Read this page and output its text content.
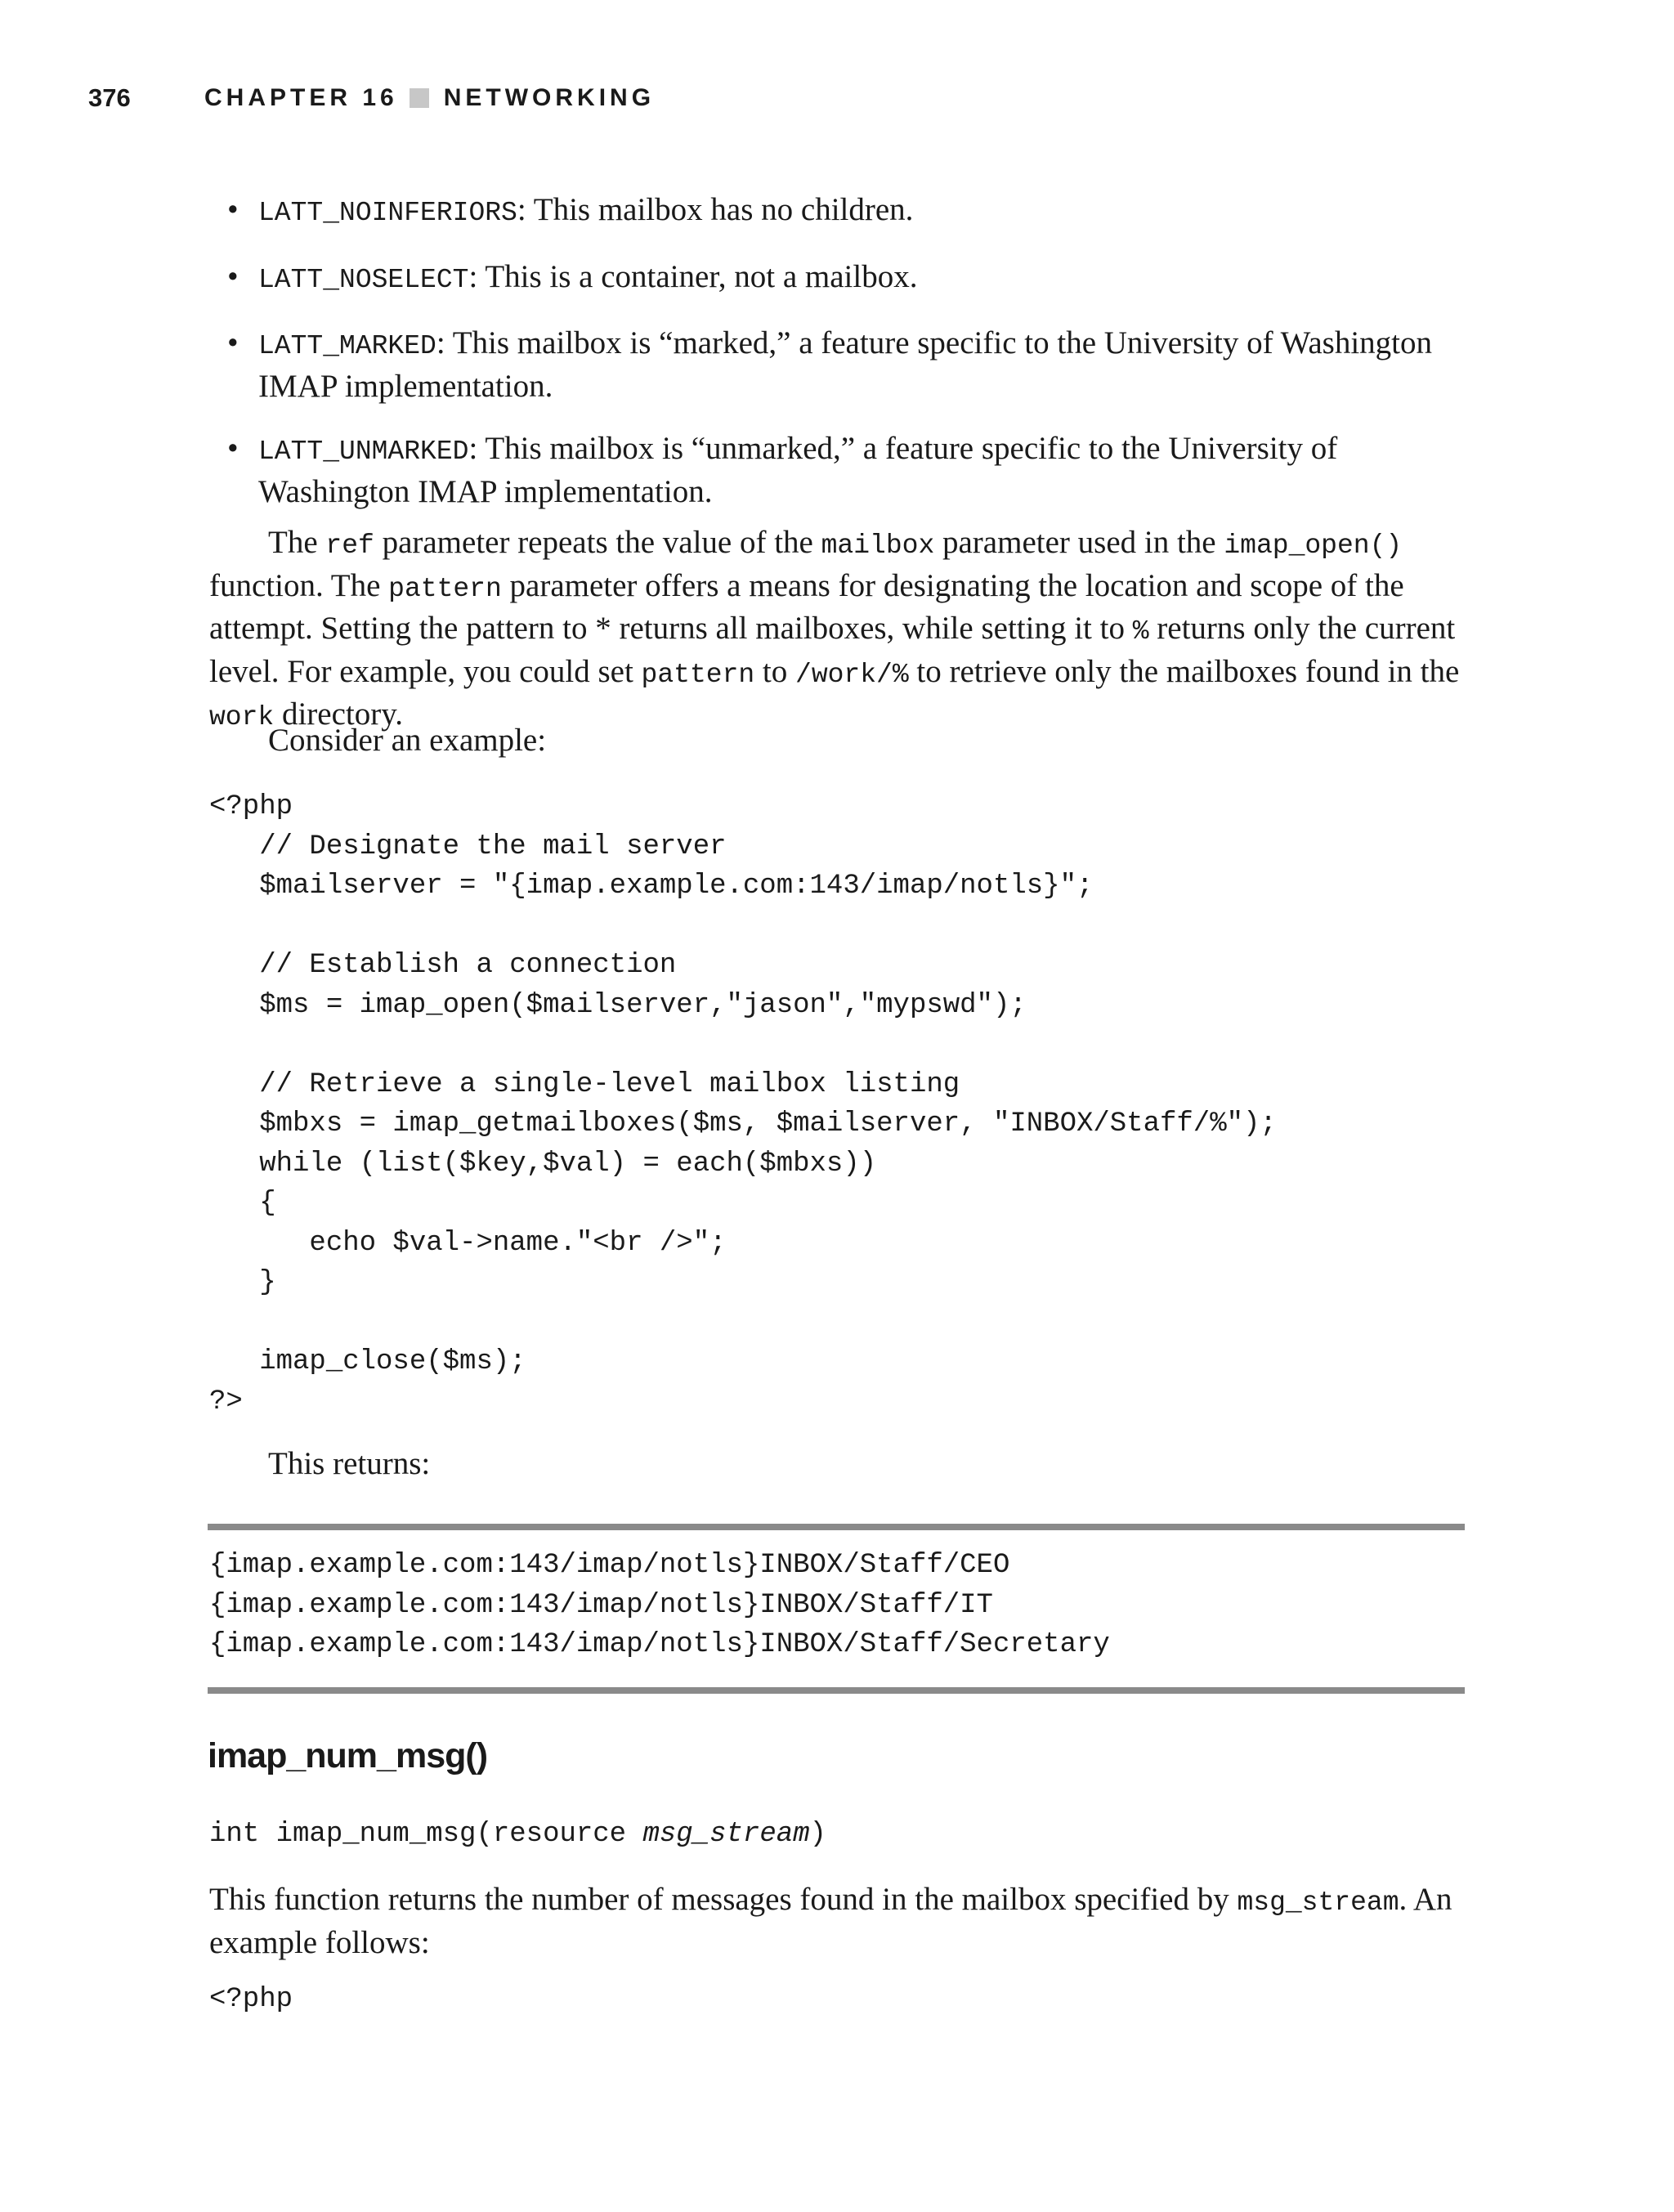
376	CHAPTER 16 NETWORKING
• LATT_NOINFERIORS: This mailbox has no children.
• LATT_NOSELECT: This is a container, not a mailbox.
• LATT_MARKED: This mailbox is “marked,” a feature specific to the University of Washington IMAP implementation.
• LATT_UNMARKED: This mailbox is “unmarked,” a feature specific to the University of Washington IMAP implementation.

The ref parameter repeats the value of the mailbox parameter used in the imap_open() function. The pattern parameter offers a means for designating the location and scope of the attempt. Setting the pattern to * returns all mailboxes, while setting it to % returns only the current level. For example, you could set pattern to /work/% to retrieve only the mailboxes found in the work directory.

Consider an example:

<?php
// Designate the mail server
$mailserver = "{imap.example.com:143/imap/notls}";

// Establish a connection
$ms = imap_open($mailserver,"jason","mypswd");

// Retrieve a single-level mailbox listing
$mbxs = imap_getmailboxes($ms, $mailserver, "INBOX/Staff/%");
while (list($key,$val) = each($mbxs))
{
echo $val->name."<br />";
}

imap_close($ms);
?>

This returns:

{imap.example.com:143/imap/notls}INBOX/Staff/CEO
{imap.example.com:143/imap/notls}INBOX/Staff/IT
{imap.example.com:143/imap/notls}INBOX/Staff/Secretary
imap_num_msg()

int imap_num_msg(resource msg_stream)

This function returns the number of messages found in the mailbox specified by msg_stream. An example follows:

<?php
